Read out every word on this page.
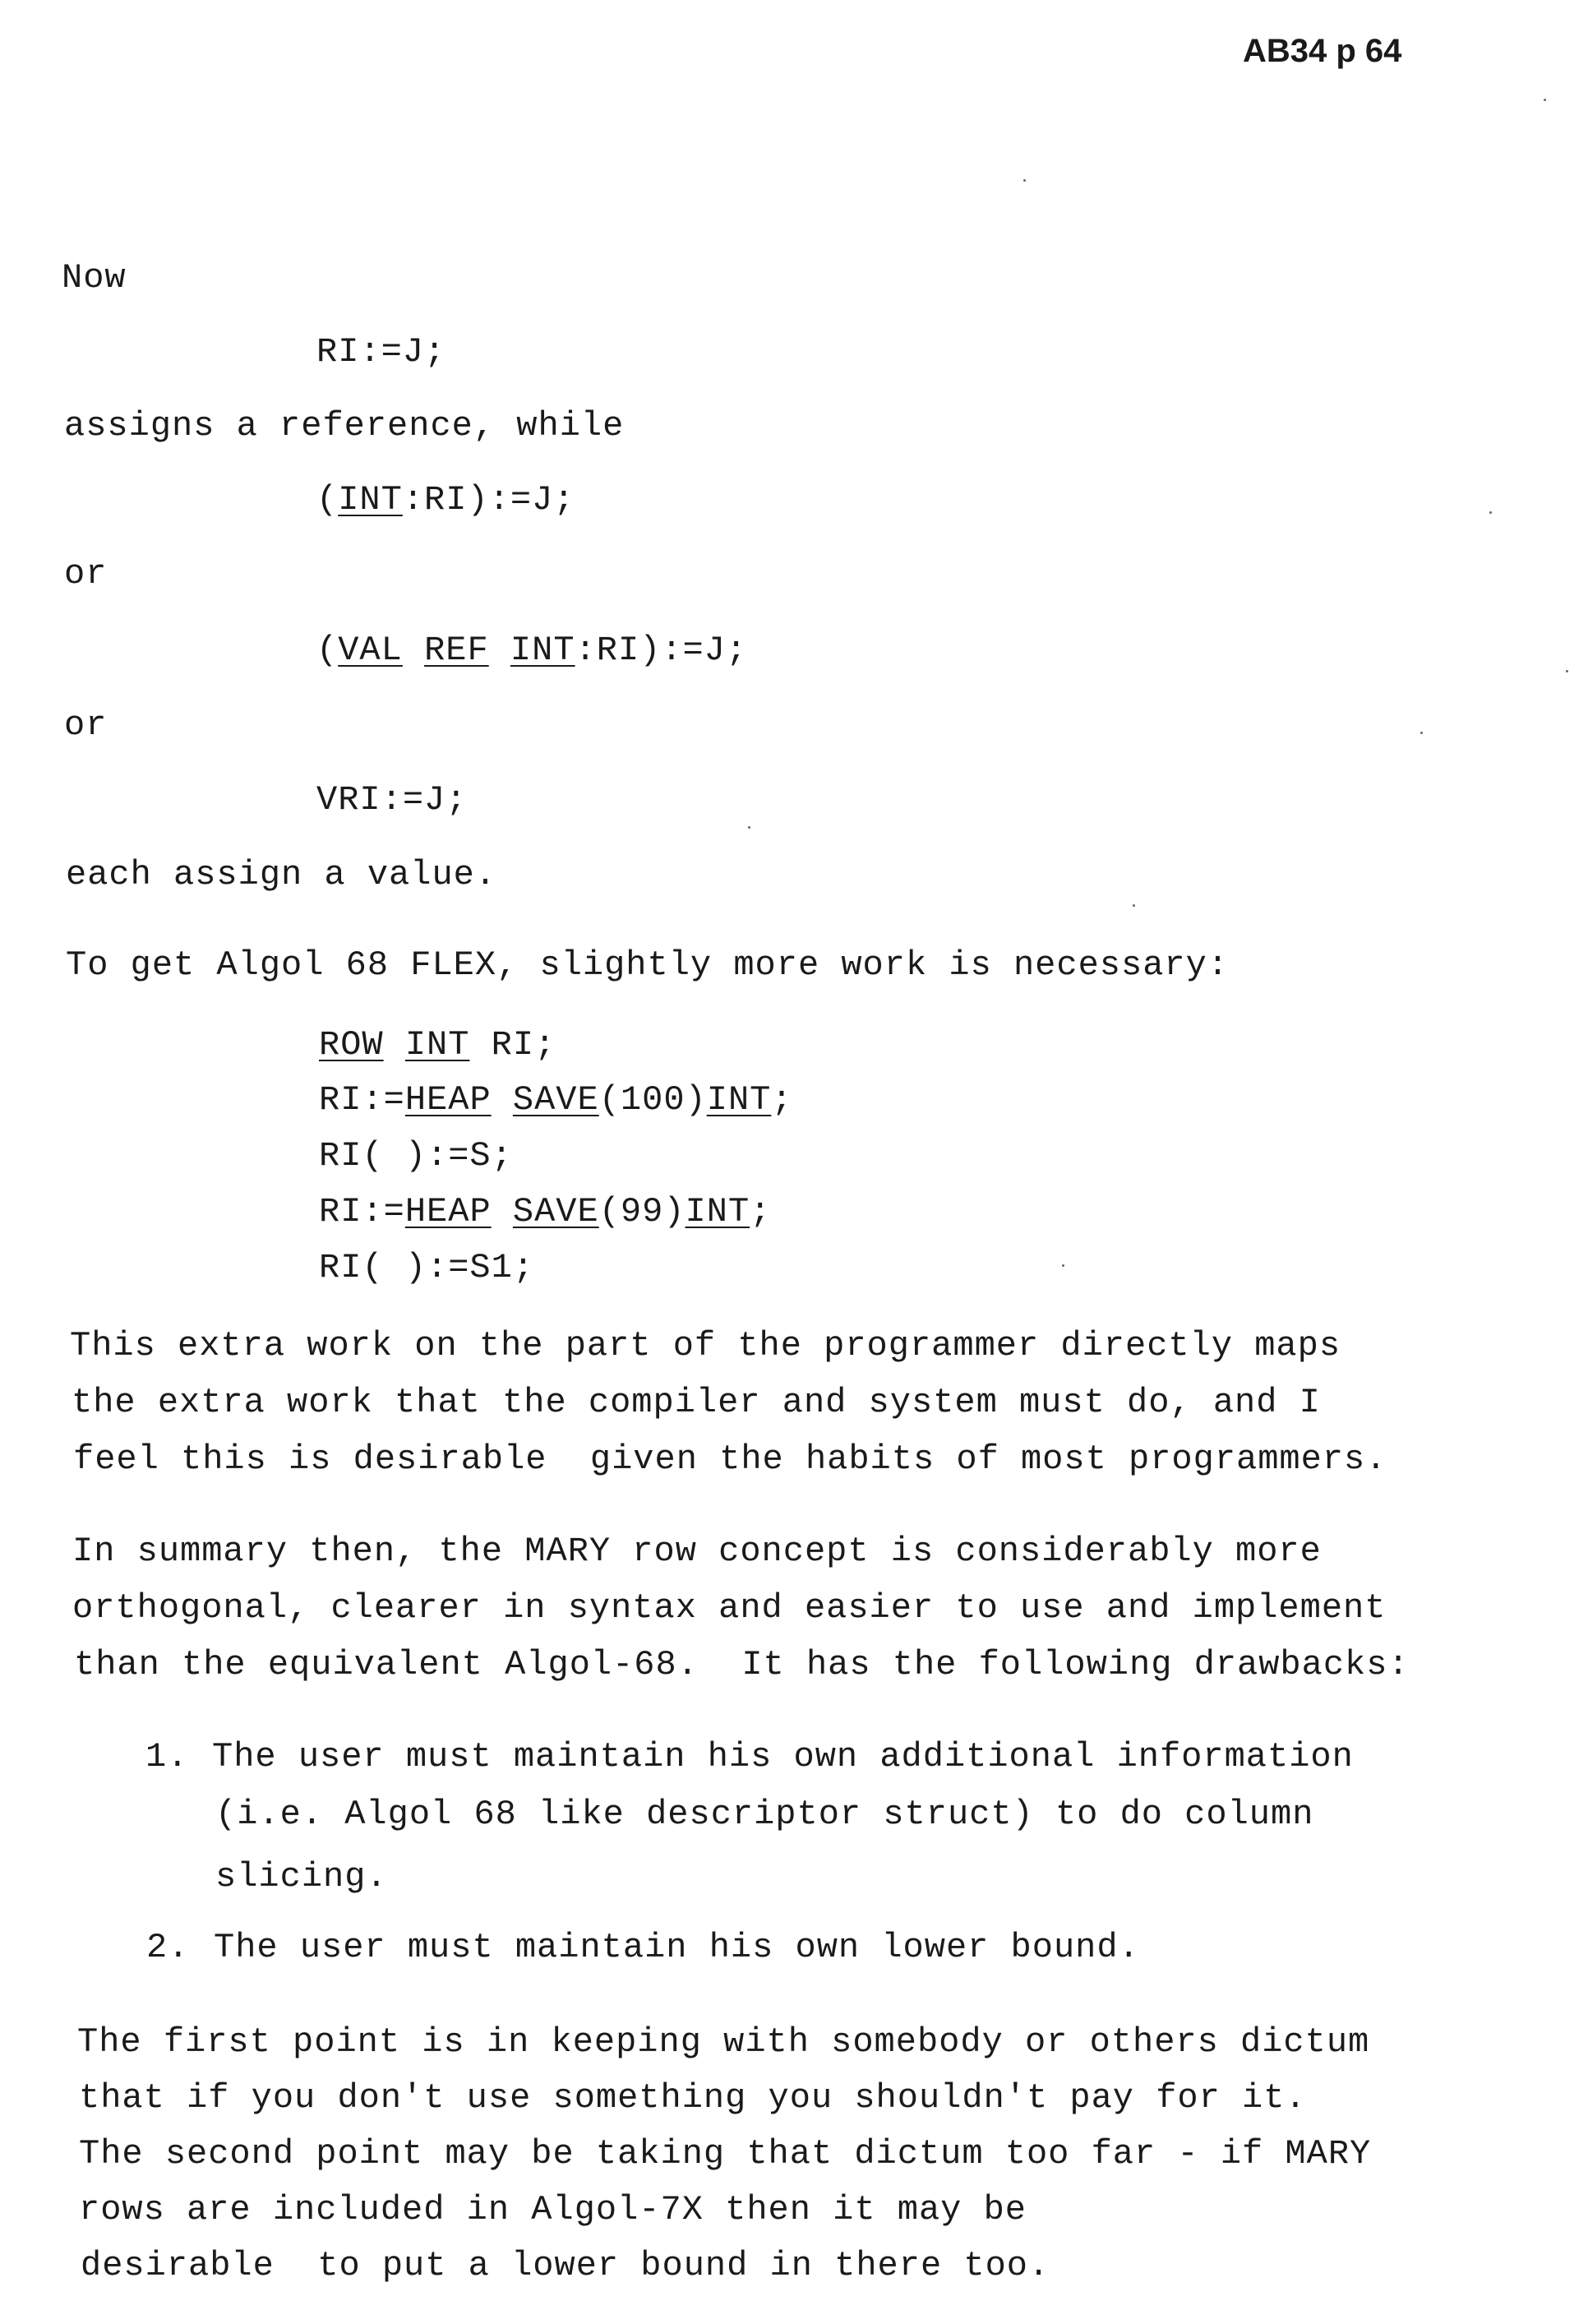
AB34 p 64
Now
RI:=J;
assigns a reference, while
(INT:RI):=J;
or
(VAL REF INT:RI):=J;
or
VRI:=J;
each assign a value.
To get Algol 68 FLEX, slightly more work is necessary:
ROW INT RI;
RI:=HEAP SAVE(100)INT;
RI( ):=S;
RI:=HEAP SAVE(99)INT;
RI( ):=S1;
This extra work on the part of the programmer directly maps
the extra work that the compiler and system must do, and I
feel this is desirable  given the habits of most programmers.
In summary then, the MARY row concept is considerably more
orthogonal, clearer in syntax and easier to use and implement
than the equivalent Algol-68.  It has the following drawbacks:
1. The user must maintain his own additional information
(i.e. Algol 68 like descriptor struct) to do column
slicing.
2. The user must maintain his own lower bound.
The first point is in keeping with somebody or others dictum
that if you don't use something you shouldn't pay for it.
The second point may be taking that dictum too far - if MARY
rows are included in Algol-7X then it may be
desirable  to put a lower bound in there too.
